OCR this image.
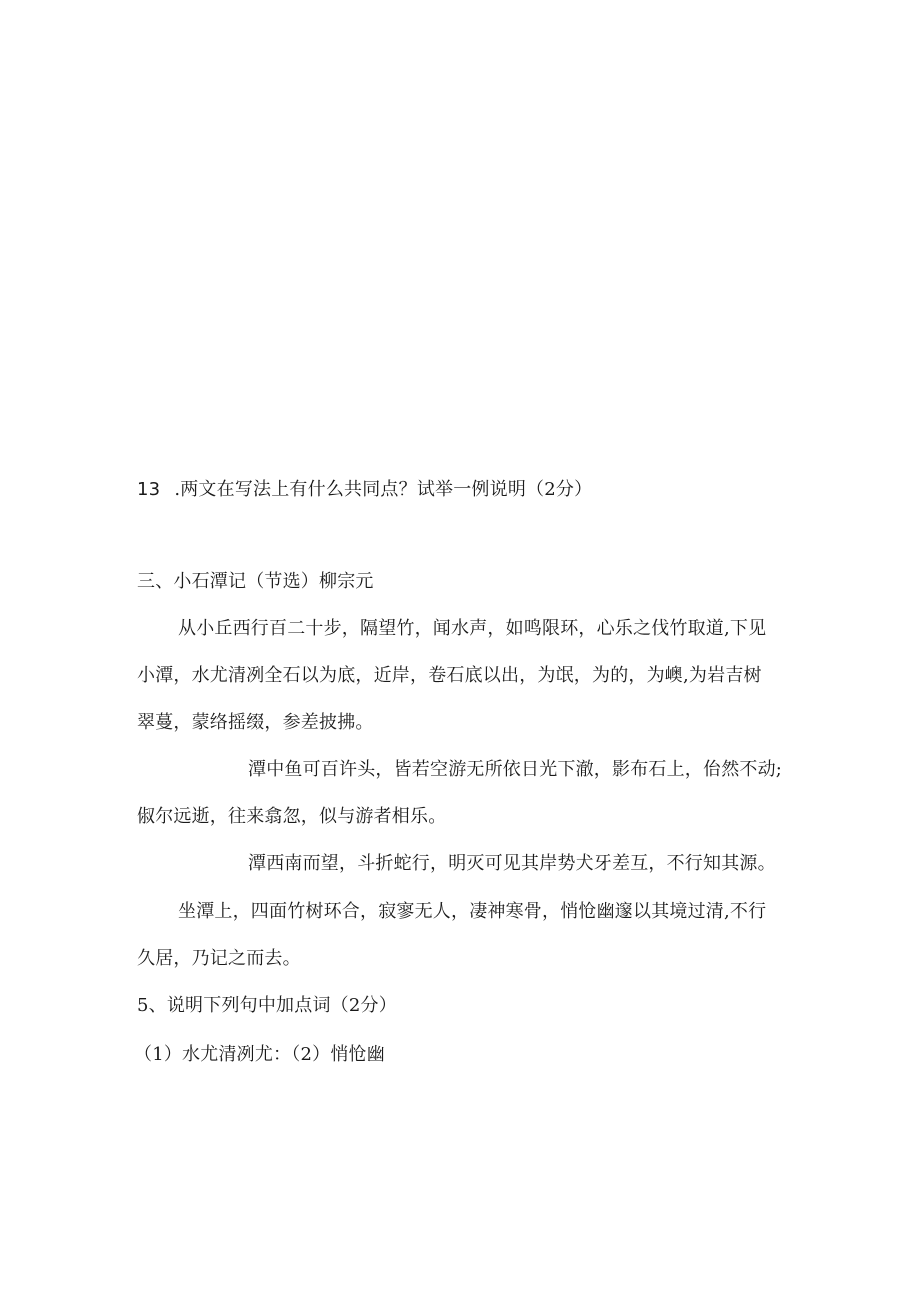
13 .两文在写法上有什么共同点？试举一例说明（2分）
三、小石潭记（节选）柳宗元
从小丘西行百二十步，隔望竹，闻水声，如鸣限环，心乐之伐竹取道,下见
小潭，水尤清冽全石以为底，近岸，卷石底以出，为氓，为的，为㠗,为岩吉树
翠蔓，蒙络摇缀，参差披拂。
潭中鱼可百许头，皆若空游无所依日光下澈，影布石上，佁然不动;
俶尔远逝，往来翕忽，似与游者相乐。
潭西南而望，斗折蛇行，明灭可见其岸势犬牙差互，不行知其源。
坐潭上，四面竹树环合，寂寥无人，凄神寒骨，悄怆幽邃以其境过清,不行
久居，乃记之而去。
5、说明下列句中加点词（2分）
（1）水尤清冽尤：（2）悄怆幽
